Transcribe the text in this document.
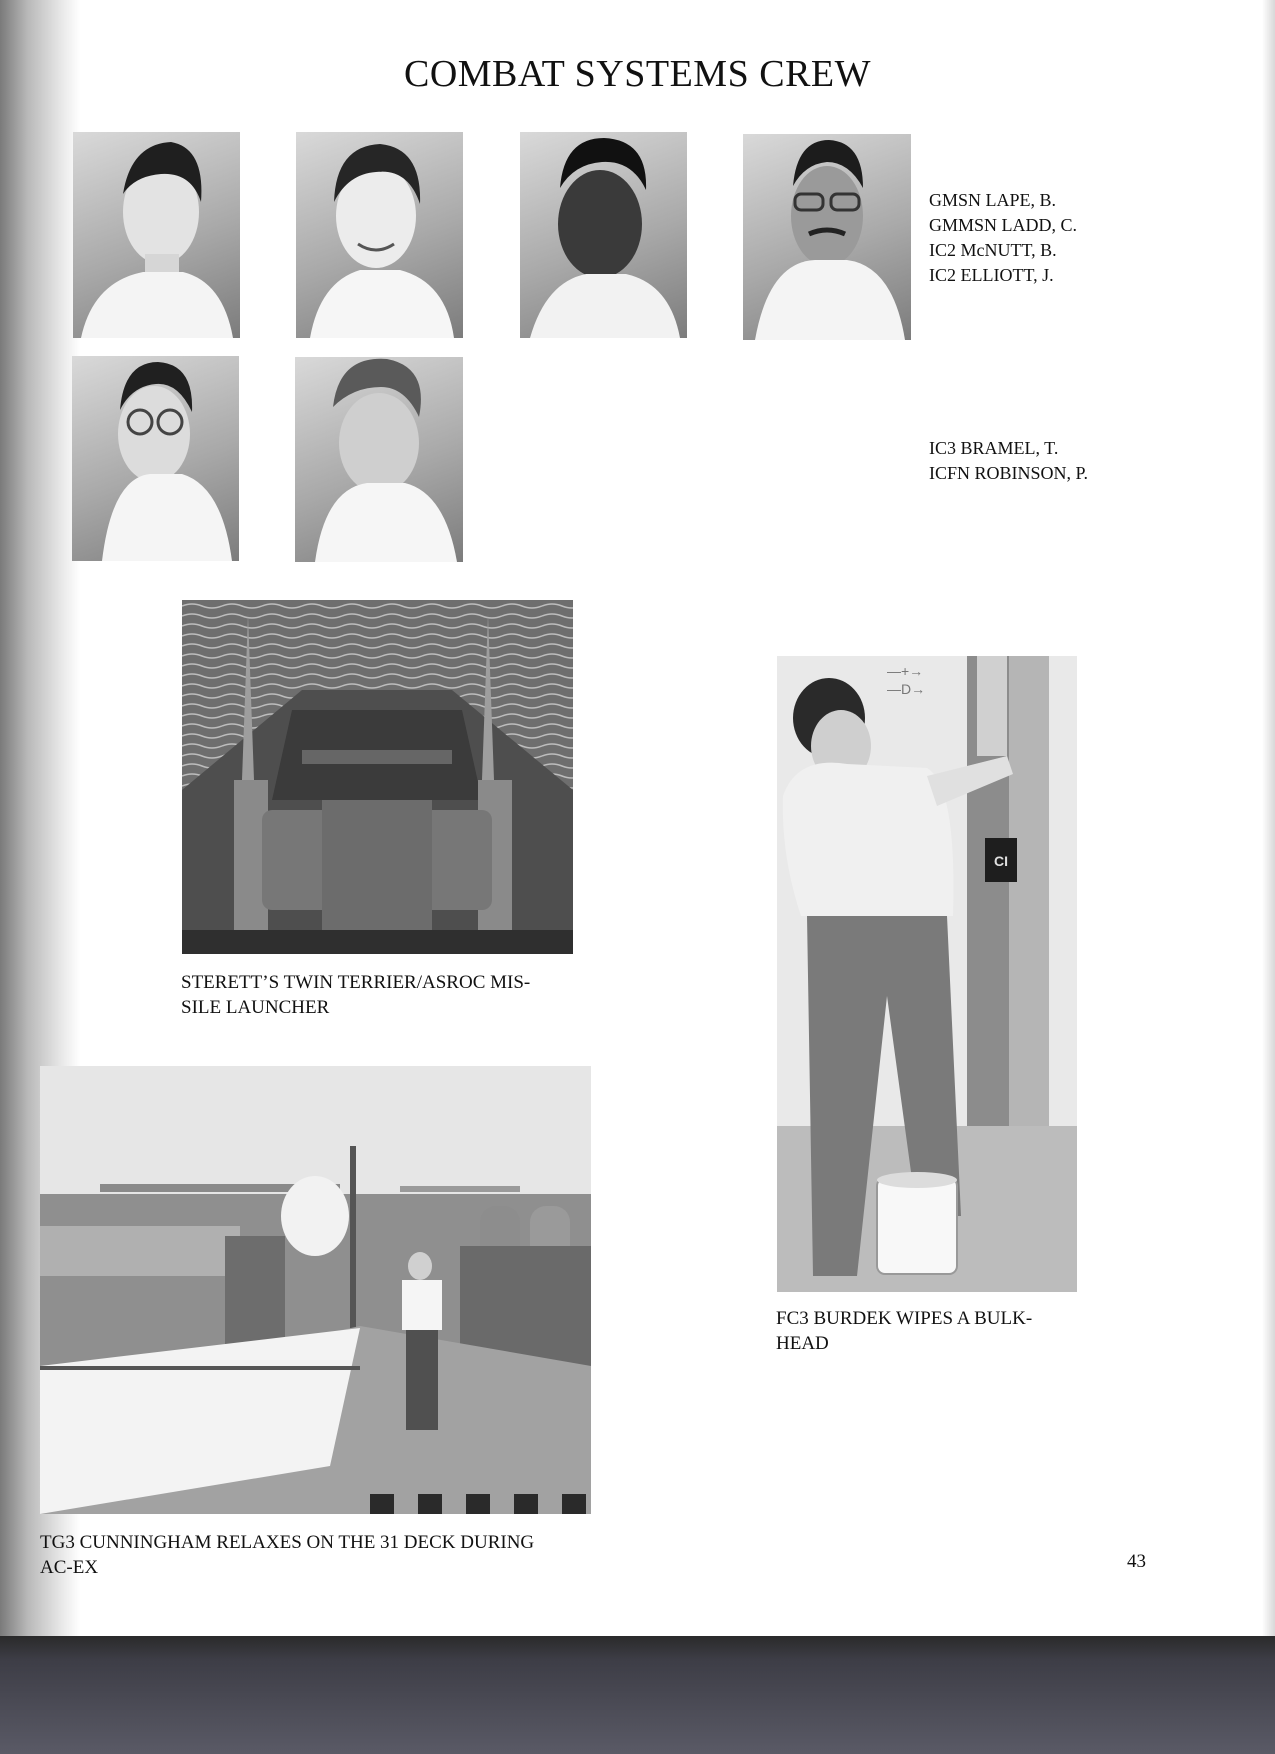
COMBAT SYSTEMS CREW
GMSN LAPE, B.
GMMSN LADD, C.
IC2 McNUTT, B.
IC2 ELLIOTT, J.
IC3 BRAMEL, T.
ICFN ROBINSON, P.
STERETT’S TWIN TERRIER/ASROC MIS-
SILE LAUNCHER
CI
—+→
—D→
FC3 BURDEK WIPES A BULK-
HEAD
TG3 CUNNINGHAM RELAXES ON THE 31 DECK DURING
AC-EX	43
